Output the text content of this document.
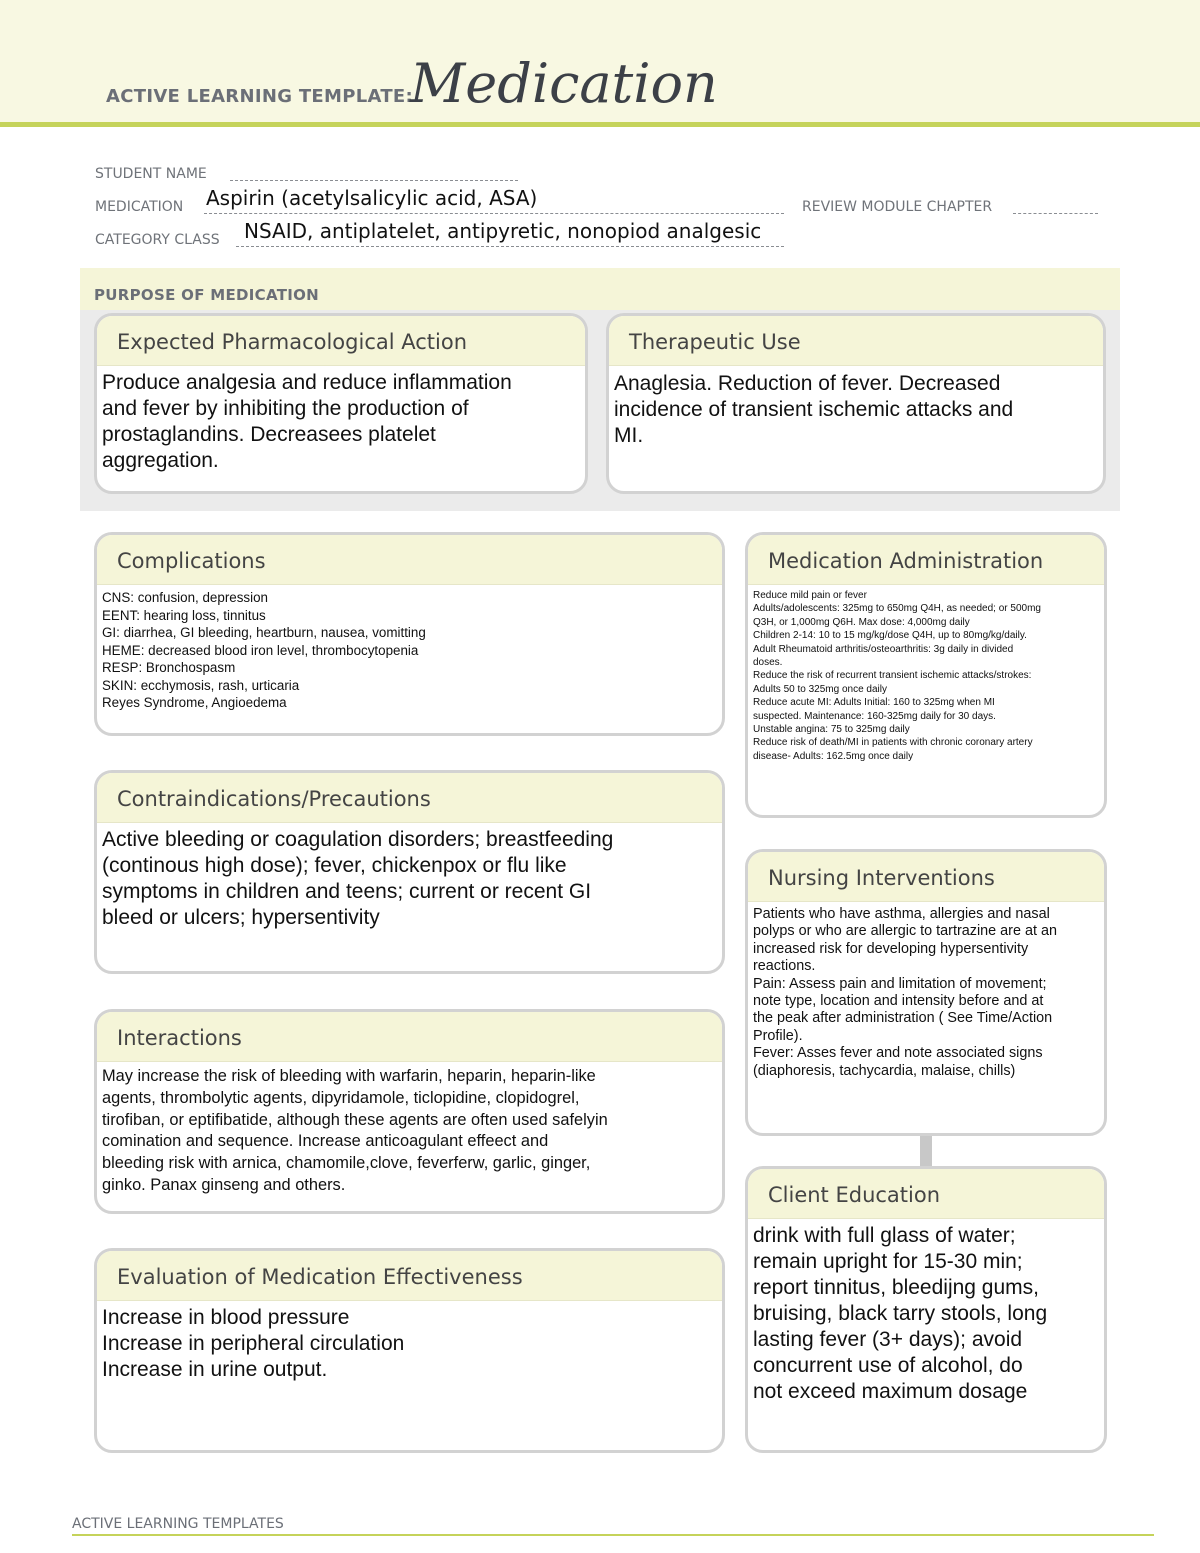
ACTIVE LEARNING TEMPLATE:
Medication
STUDENT NAME
MEDICATION Aspirin (acetylsalicylic acid, ASA)	REVIEW MODULE CHAPTER
CATEGORY CLASS NSAID, antiplatelet, antipyretic, nonopiod analgesic
PURPOSE OF MEDICATION
Expected Pharmacological Action
Produce analgesia and reduce inflammation
and fever by inhibiting the production of
prostaglandins. Decreasees platelet
aggregation.
Therapeutic Use
Anaglesia. Reduction of fever. Decreased
incidence of transient ischemic attacks and
MI.
Complications
CNS: confusion, depression
EENT: hearing loss, tinnitus
GI: diarrhea, GI bleeding, heartburn, nausea, vomitting
HEME: decreased blood iron level, thrombocytopenia
RESP: Bronchospasm
SKIN: ecchymosis, rash, urticaria
Reyes Syndrome, Angioedema
Contraindications/Precautions
Active bleeding or coagulation disorders; breastfeeding
(continous high dose); fever, chickenpox or flu like
symptoms in children and teens; current or recent GI
bleed or ulcers; hypersentivity
Interactions
May increase the risk of bleeding with warfarin, heparin, heparin-like
agents, thrombolytic agents, dipyridamole, ticlopidine, clopidogrel,
tirofiban, or eptifibatide, although these agents are often used safelyin
comination and sequence. Increase anticoagulant effeect and
bleeding risk with arnica, chamomile,clove, feverferw, garlic, ginger,
ginko. Panax ginseng and others.
Evaluation of Medication Effectiveness
Increase in blood pressure
Increase in peripheral circulation
Increase in urine output.
Medication Administration
Reduce mild pain or fever
Adults/adolescents: 325mg to 650mg Q4H, as needed; or 500mg
Q3H, or 1,000mg Q6H. Max dose: 4,000mg daily
Children 2-14: 10 to 15 mg/kg/dose Q4H, up to 80mg/kg/daily.
Adult Rheumatoid arthritis/osteoarthritis: 3g daily in divided
doses.
Reduce the risk of recurrent transient ischemic attacks/strokes:
Adults 50 to 325mg once daily
Reduce acute MI: Adults Initial: 160 to 325mg when MI
suspected. Maintenance: 160-325mg daily for 30 days.
Unstable angina: 75 to 325mg daily
Reduce risk of death/MI in patients with chronic coronary artery
disease- Adults: 162.5mg once daily
Nursing Interventions
Patients who have asthma, allergies and nasal
polyps or who are allergic to tartrazine are at an
increased risk for developing hypersentivity
reactions.
Pain: Assess pain and limitation of movement;
note type, location and intensity before and at
the peak after administration ( See Time/Action
Profile).
Fever: Asses fever and note associated signs
(diaphoresis, tachycardia, malaise, chills)
Client Education
drink with full glass of water;
remain upright for 15-30 min;
report tinnitus, bleedijng gums,
bruising, black tarry stools, long
lasting fever (3+ days); avoid
concurrent use of alcohol, do
not exceed maximum dosage
ACTIVE LEARNING TEMPLATES
